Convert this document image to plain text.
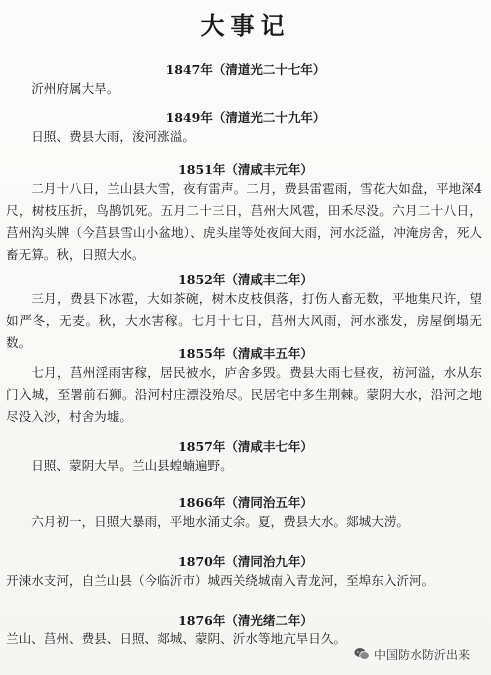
大事记
1847年（清道光二十七年）
沂州府属大旱。
1849年（清道光二十九年）
日照、费县大雨，浚河涨溢。
1851年（清咸丰元年）
二月十八日，兰山县大雪，夜有雷声。二月，费县雷雹雨，雪花大如盘，平地深4尺，树枝压折，鸟鹊饥死。五月二十三日，莒州大风雹，田禾尽没。六月二十八日，莒州沟头牌（今莒县雪山小盆地）、虎头崖等处夜间大雨，河水泛溢，冲淹房舍，死人畜无算。秋，日照大水。
1852年（清咸丰二年）
三月，费县下冰雹，大如茶碗，树木皮枝俱落，打伤人畜无数，平地集尺许，望如严冬，无麦。秋，大水害稼。七月十七日，莒州大风雨，河水涨发，房屋倒塌无数。
1855年（清咸丰五年）
七月，莒州淫雨害稼，居民被水，庐舍多毁。费县大雨七昼夜，祊河溢，水从东门入城，至署前石狮。沿河村庄漂没殆尽。民居宅中多生荆棘。蒙阴大水，沿河之地尽没入沙，村舍为墟。
1857年（清咸丰七年）
日照、蒙阴大旱。兰山县蝗蝻遍野。
1866年（清同治五年）
六月初一，日照大暴雨，平地水涌丈余。夏，费县大水。郯城大涝。
1870年（清同治九年）
开涑水支河，自兰山县（今临沂市）城西关绕城南入青龙河，至埠东入沂河。
1876年（清光绪二年）
兰山、莒州、费县、日照、郯城、蒙阴、沂水等地亢旱日久。
中国防水防沂出来
